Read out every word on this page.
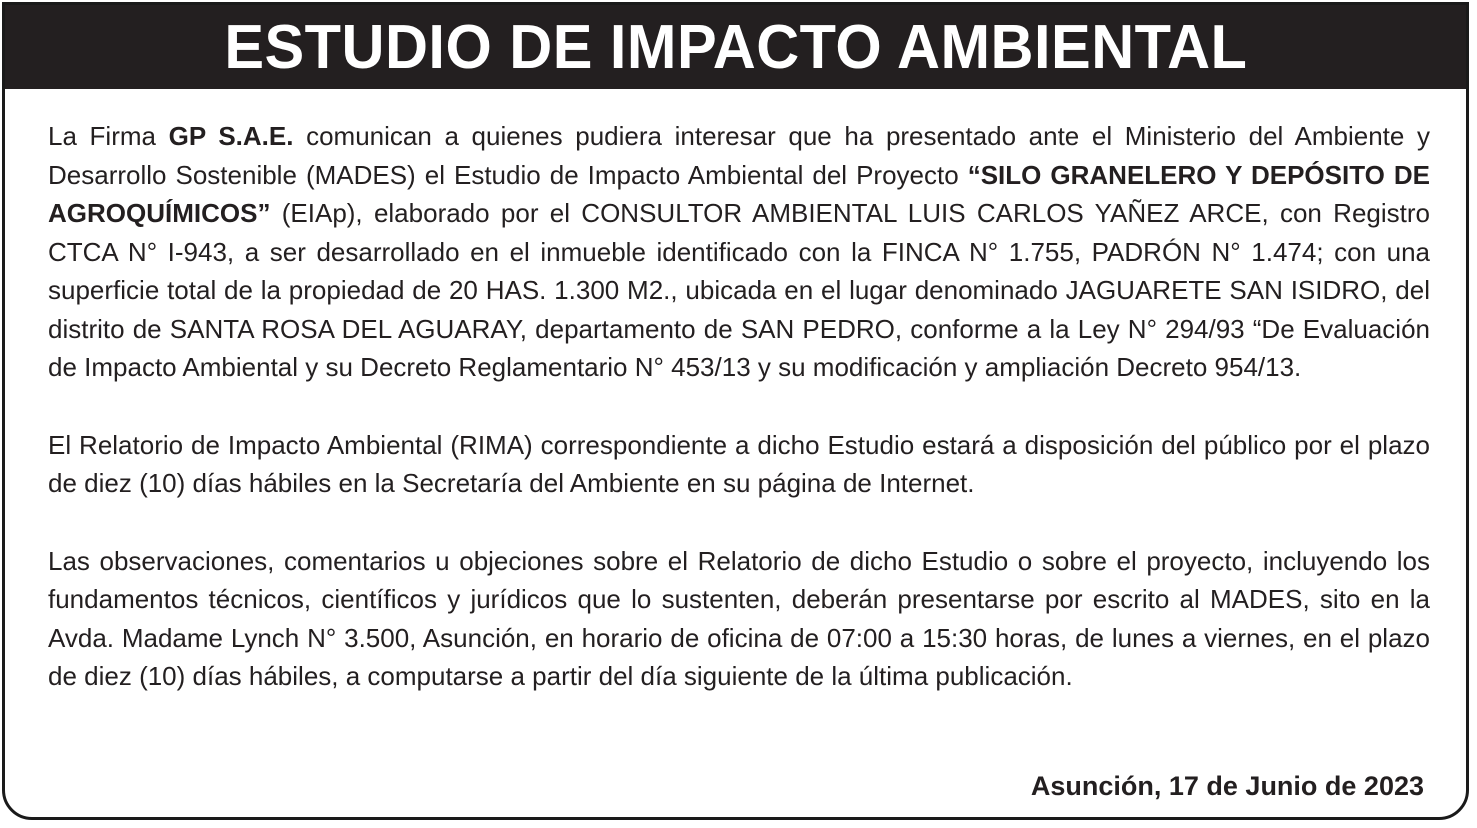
ESTUDIO DE IMPACTO AMBIENTAL

La Firma GP S.A.E. comunican a quienes pudiera interesar que ha presentado ante el Ministerio del Ambiente y Desarrollo Sostenible (MADES) el Estudio de Impacto Ambiental del Proyecto “SILO GRANELERO Y DEPÓSITO DE AGROQUÍMICOS” (EIAp), elaborado por el CONSULTOR AMBIENTAL LUIS CARLOS YAÑEZ ARCE, con Registro CTCA N° I-943, a ser desarrollado en el inmueble identificado con la FINCA N° 1.755, PADRÓN N° 1.474; con una superficie total de la propiedad de 20 HAS. 1.300 M2., ubicada en el lugar denominado JAGUARETE SAN ISIDRO, del distrito de SANTA ROSA DEL AGUARAY, departamento de SAN PEDRO, conforme a la Ley N° 294/93 “De Evaluación de Impacto Ambiental y su Decreto Reglamentario N° 453/13 y su modificación y ampliación Decreto 954/13.

El Relatorio de Impacto Ambiental (RIMA) correspondiente a dicho Estudio estará a disposición del público por el plazo de diez (10) días hábiles en la Secretaría del Ambiente en su página de Internet.

Las observaciones, comentarios u objeciones sobre el Relatorio de dicho Estudio o sobre el proyecto, incluyendo los fundamentos técnicos, científicos y jurídicos que lo sustenten, deberán presentarse por escrito al MADES, sito en la Avda. Madame Lynch N° 3.500, Asunción, en horario de oficina de 07:00 a 15:30 horas, de lunes a viernes, en el plazo de diez (10) días hábiles, a computarse a partir del día siguiente de la última publicación.

Asunción, 17 de Junio de 2023
